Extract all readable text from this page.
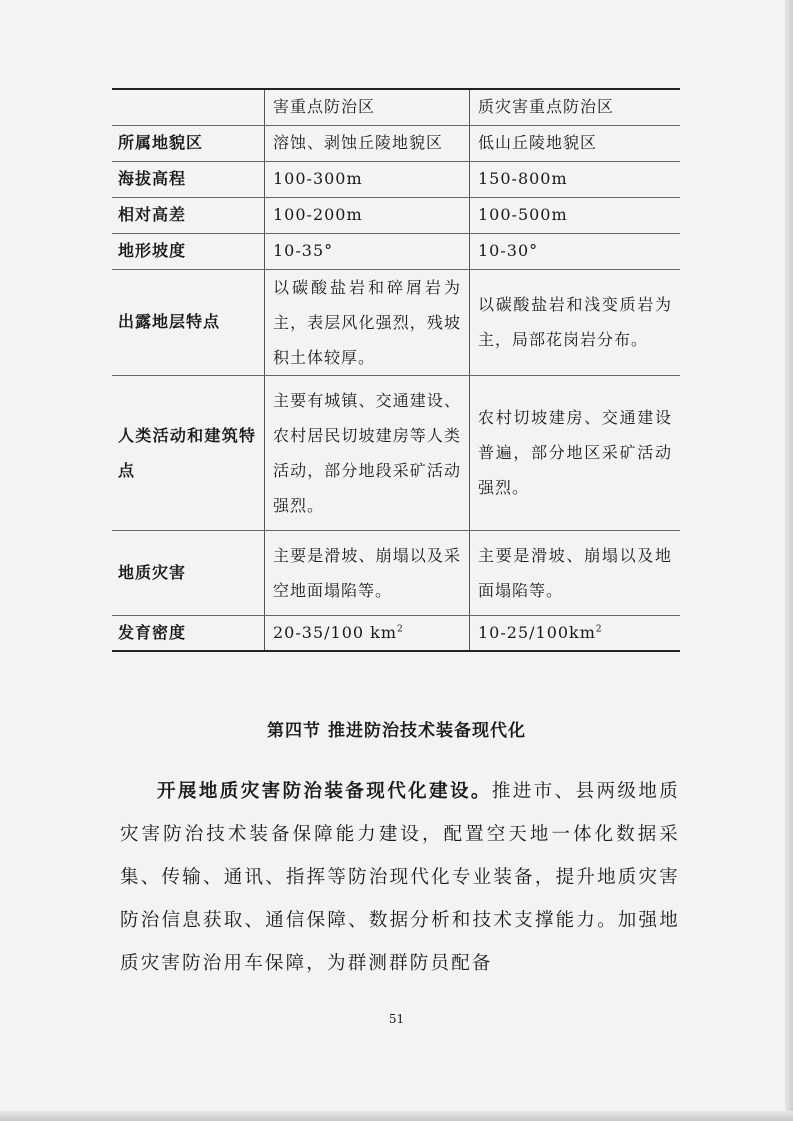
	害重点防治区	质灾害重点防治区
所属地貌区	溶蚀、剥蚀丘陵地貌区	低山丘陵地貌区
海拔高程	100-300m	150-800m
相对高差	100-200m	100-500m
地形坡度	10-35°	10-30°
出露地层特点	以碳酸盐岩和碎屑岩为主，表层风化强烈，残坡积土体较厚。	以碳酸盐岩和浅变质岩为主，局部花岗岩分布。
人类活动和建筑特点	主要有城镇、交通建设、农村居民切坡建房等人类活动，部分地段采矿活动强烈。	农村切坡建房、交通建设普遍，部分地区采矿活动强烈。
地质灾害	主要是滑坡、崩塌以及采空地面塌陷等。	主要是滑坡、崩塌以及地面塌陷等。
发育密度	20-35/100 $km^2$	$10-25/100km^2$
第四节 推进防治技术装备现代化
开展地质灾害防治装备现代化建设。推进市、县两级地质灾害防治技术装备保障能力建设，配置空天地一体化数据采集、传输、通讯、指挥等防治现代化专业装备，提升地质灾害防治信息获取、通信保障、数据分析和技术支撑能力。加强地质灾害防治用车保障，为群测群防员配备
51
